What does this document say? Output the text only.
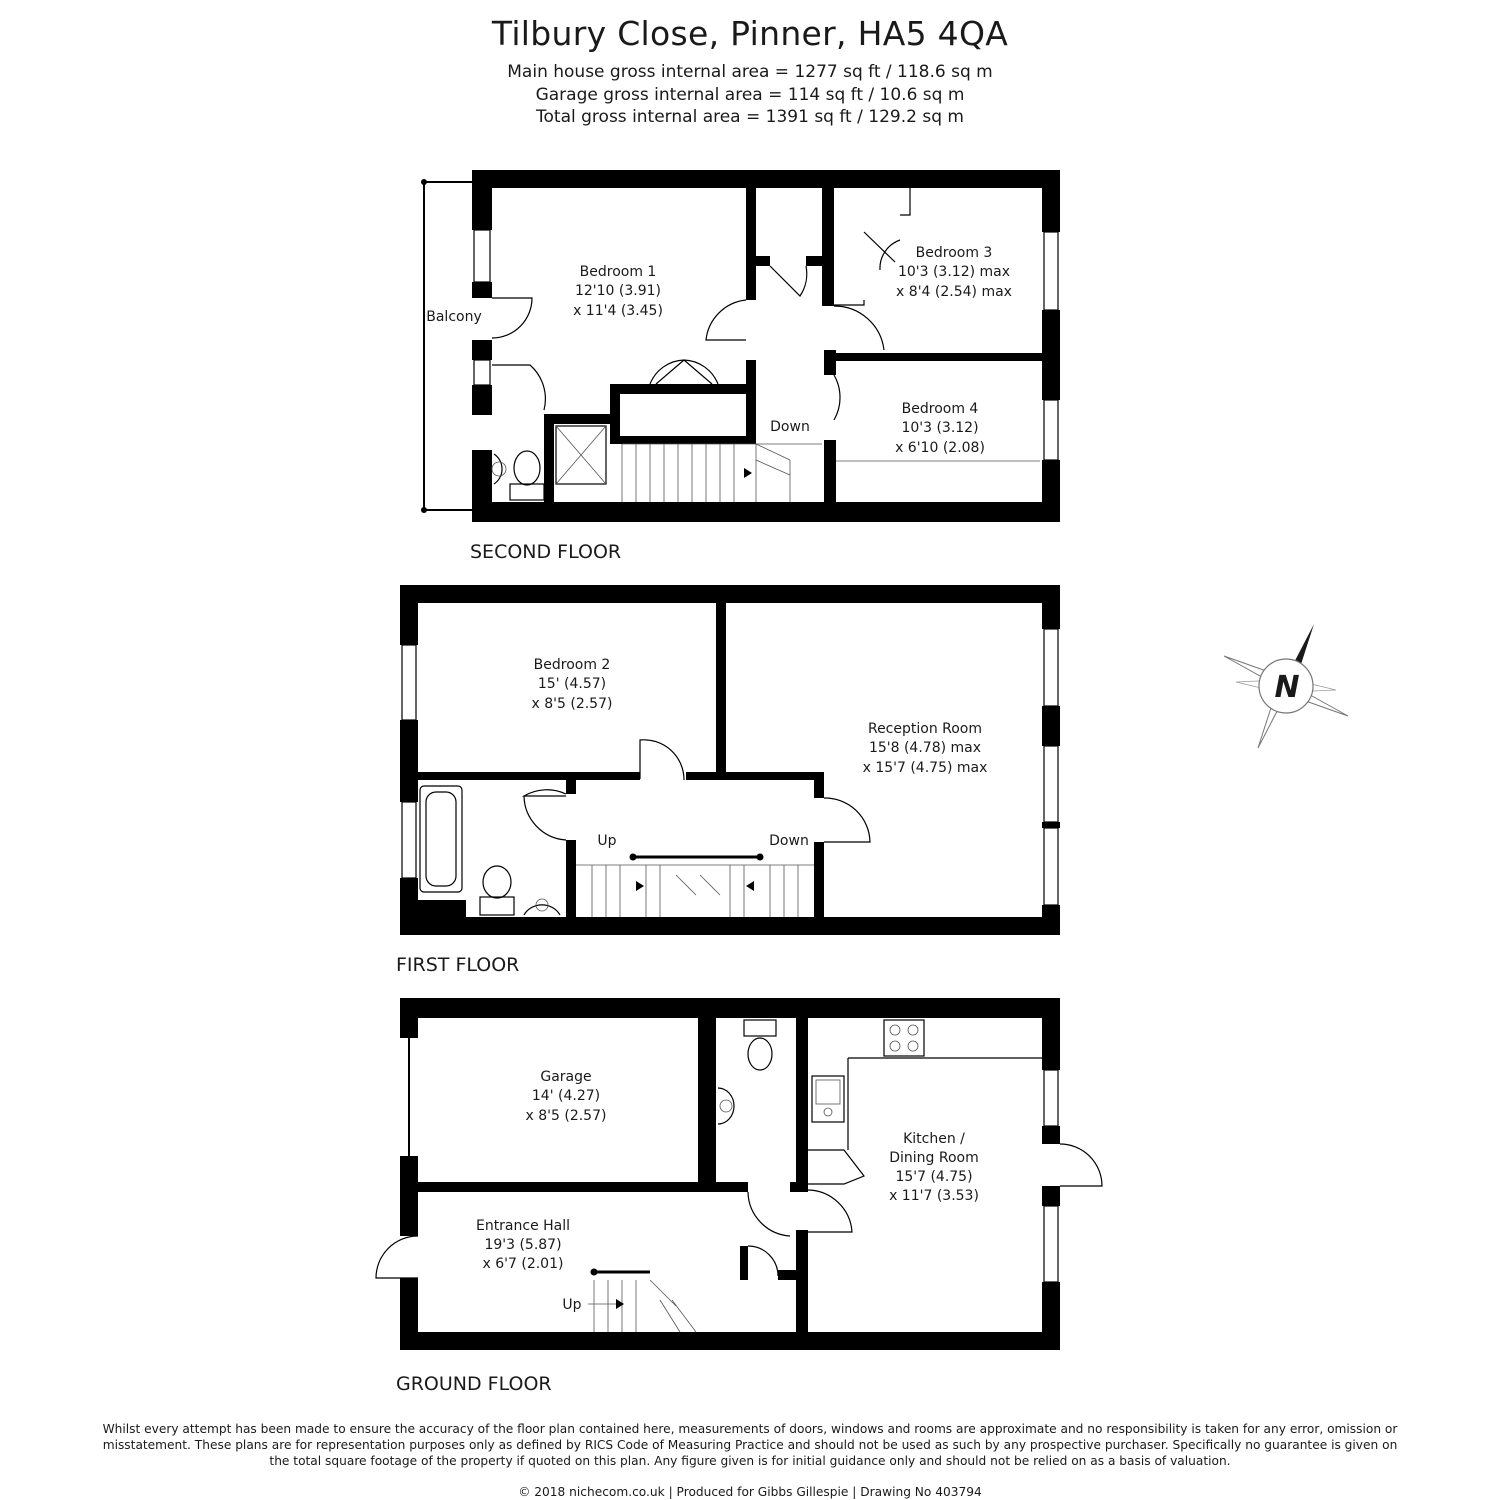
Tilbury Close, Pinner, HA5 4QA
Main house gross internal area = 1277 sq ft / 118.6 sq m
Garage gross internal area = 114 sq ft / 10.6 sq m
Total gross internal area = 1391 sq ft / 129.2 sq m
Balcony
Bedroom 1
12'10 (3.91)
x 11'4 (3.45)
Bedroom 3
10'3 (3.12) max
x 8'4 (2.54) max
Bedroom 4
10'3 (3.12)
x 6'10 (2.08)
Down
SECOND FLOOR
Bedroom 2
15' (4.57)
x 8'5 (2.57)
Reception Room
15'8 (4.78) max
x 15'7 (4.75) max
Up	Down
FIRST FLOOR
Garage
14' (4.27)
x 8'5 (2.57)
Kitchen /
Dining Room
15'7 (4.75)
x 11'7 (3.53)
Entrance Hall
19'3 (5.87)
x 6'7 (2.01)
Up
GROUND FLOOR
N
Whilst every attempt has been made to ensure the accuracy of the floor plan contained here, measurements of doors, windows and rooms are approximate and no responsibility is taken for any error, omission or misstatement. These plans are for representation purposes only as defined by RICS Code of Measuring Practice and should not be used as such by any prospective purchaser. Specifically no guarantee is given on the total square footage of the property if quoted on this plan. Any figure given is for initial guidance only and should not be relied on as a basis of valuation.
© 2018 nichecom.co.uk | Produced for Gibbs Gillespie | Drawing No 403794
